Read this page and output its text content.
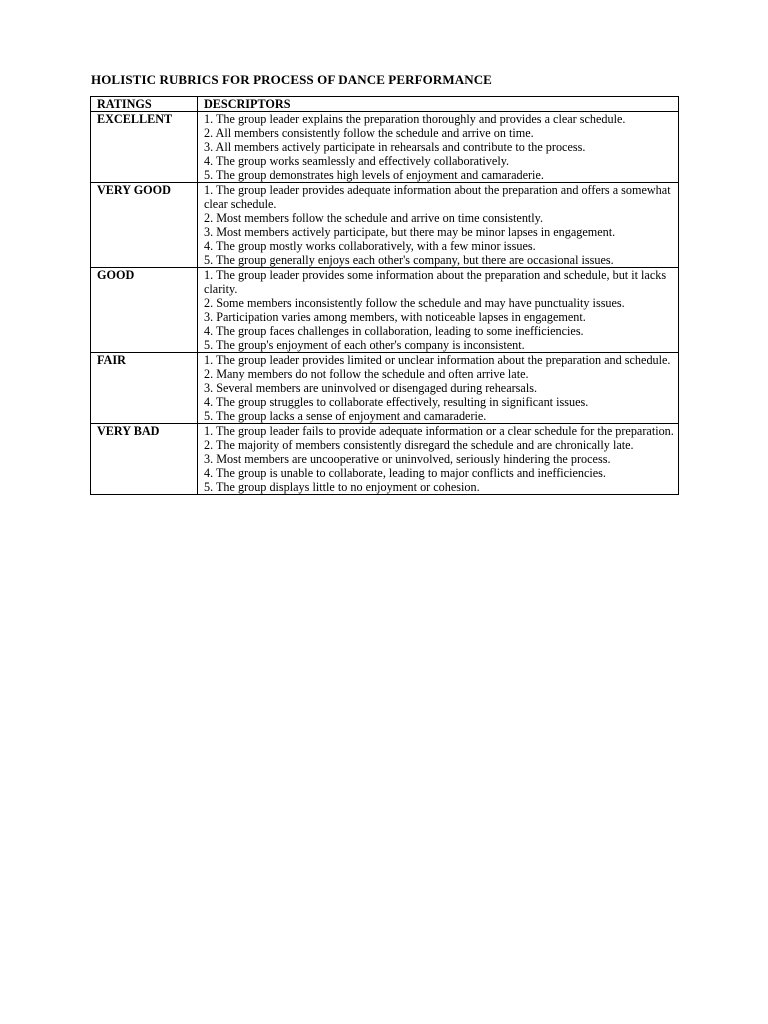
HOLISTIC RUBRICS FOR PROCESS OF DANCE PERFORMANCE
RATINGS	DESCRIPTORS
EXCELLENT	1. The group leader explains the preparation thoroughly and provides a clear schedule.
2. All members consistently follow the schedule and arrive on time.
3. All members actively participate in rehearsals and contribute to the process.
4. The group works seamlessly and effectively collaboratively.
5. The group demonstrates high levels of enjoyment and camaraderie.

VERY GOOD	1. The group leader provides adequate information about the preparation and offers a somewhat clear schedule.
2. Most members follow the schedule and arrive on time consistently.
3. Most members actively participate, but there may be minor lapses in engagement.
4. The group mostly works collaboratively, with a few minor issues.
5. The group generally enjoys each other's company, but there are occasional issues.

GOOD	1. The group leader provides some information about the preparation and schedule, but it lacks clarity.
2. Some members inconsistently follow the schedule and may have punctuality issues.
3. Participation varies among members, with noticeable lapses in engagement.
4. The group faces challenges in collaboration, leading to some inefficiencies.
5. The group's enjoyment of each other's company is inconsistent.

FAIR	1. The group leader provides limited or unclear information about the preparation and schedule.
2. Many members do not follow the schedule and often arrive late.
3. Several members are uninvolved or disengaged during rehearsals.
4. The group struggles to collaborate effectively, resulting in significant issues.
5. The group lacks a sense of enjoyment and camaraderie.

VERY BAD	1. The group leader fails to provide adequate information or a clear schedule for the preparation.
2. The majority of members consistently disregard the schedule and are chronically late.
3. Most members are uncooperative or uninvolved, seriously hindering the process.
4. The group is unable to collaborate, leading to major conflicts and inefficiencies.
5. The group displays little to no enjoyment or cohesion.
